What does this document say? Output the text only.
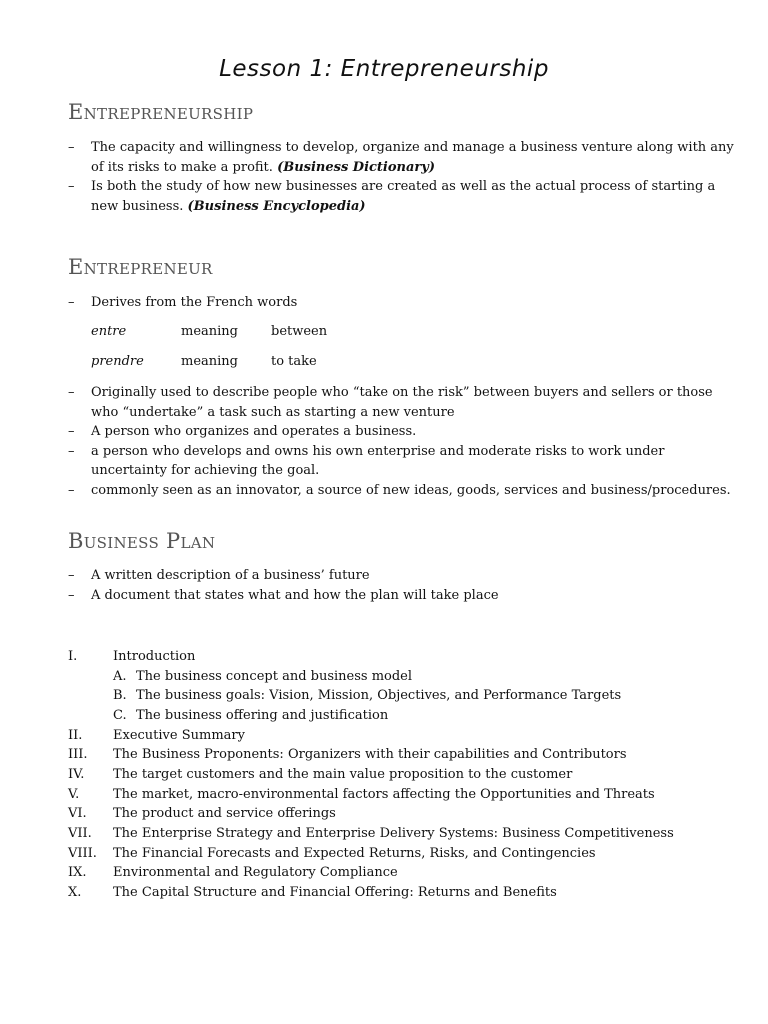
Lesson 1: Entrepreneurship
Entrepreneurship
– The capacity and willingness to develop, organize and manage a business venture along with any of its risks to make a profit. (Business Dictionary)
– Is both the study of how new businesses are created as well as the actual process of starting a new business. (Business Encyclopedia)
Entrepreneur
– Derives from the French words
entre	meaning	between
prendre	meaning	to take
– Originally used to describe people who “take on the risk” between buyers and sellers or those who “undertake” a task such as starting a new venture
– A person who organizes and operates a business.
– a person who develops and owns his own enterprise and moderate risks to work under uncertainty for achieving the goal.
– commonly seen as an innovator, a source of new ideas, goods, services and business/procedures.
Business Plan
– A written description of a business’ future
– A document that states what and how the plan will take place
I.	Introduction
A. The business concept and business model
B. The business goals: Vision, Mission, Objectives, and Performance Targets
C. The business offering and justification
II. Executive Summary
III. The Business Proponents: Organizers with their capabilities and Contributors
IV. The target customers and the main value proposition to the customer
V.	The market, macro-environmental factors affecting the Opportunities and Threats
VI. The product and service offerings
VII. The Enterprise Strategy and Enterprise Delivery Systems: Business Competitiveness
VIII. The Financial Forecasts and Expected Returns, Risks, and Contingencies
IX. Environmental and Regulatory Compliance
X. The Capital Structure and Financial Offering: Returns and Benefits
